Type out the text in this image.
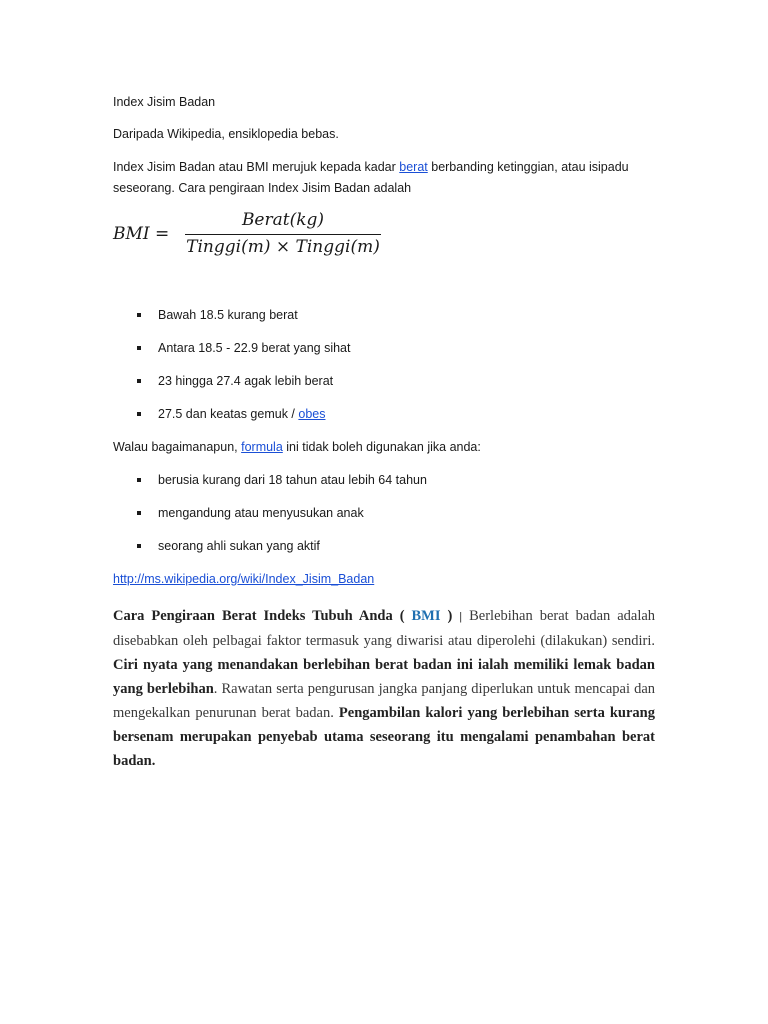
Index Jisim Badan
Daripada Wikipedia, ensiklopedia bebas.
Index Jisim Badan atau BMI merujuk kepada kadar berat berbanding ketinggian, atau isipadu
seseorang. Cara pengiraan Index Jisim Badan adalah
BMI =
Berat(kg)
Tinggi(m) × Tinggi(m)
Bawah 18.5 kurang berat
Antara 18.5 - 22.9 berat yang sihat
23 hingga 27.4 agak lebih berat
27.5 dan keatas gemuk / obes
Walau bagaimanapun, formula ini tidak boleh digunakan jika anda:
berusia kurang dari 18 tahun atau lebih 64 tahun
mengandung atau menyusukan anak
seorang ahli sukan yang aktif
http://ms.wikipedia.org/wiki/Index_Jisim_Badan
Cara Pengiraan Berat Indeks Tubuh Anda ( BMI ) | Berlebihan berat badan adalah disebabkan oleh pelbagai faktor termasuk yang diwarisi atau diperolehi (dilakukan) sendiri. Ciri nyata yang menandakan berlebihan berat badan ini ialah memiliki lemak badan yang berlebihan. Rawatan serta pengurusan jangka panjang diperlukan untuk mencapai dan mengekalkan penurunan berat badan. Pengambilan kalori yang berlebihan serta kurang bersenam merupakan penyebab utama seseorang itu mengalami penambahan berat badan.
